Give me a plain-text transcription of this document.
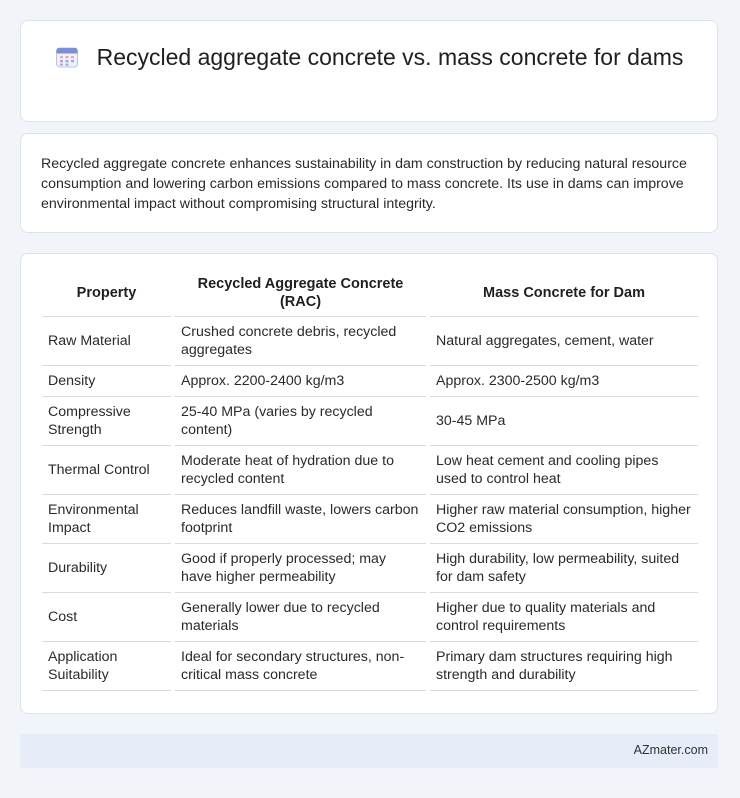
Recycled aggregate concrete vs. mass concrete for dams
Recycled aggregate concrete enhances sustainability in dam construction by reducing natural resource consumption and lowering carbon emissions compared to mass concrete. Its use in dams can improve environmental impact without compromising structural integrity.
Property	Recycled Aggregate Concrete (RAC)	Mass Concrete for Dam
Raw Material	Crushed concrete debris, recycled aggregates	Natural aggregates, cement, water
Density	Approx. 2200-2400 kg/m3	Approx. 2300-2500 kg/m3
Compressive Strength	25-40 MPa (varies by recycled content)	30-45 MPa
Thermal Control	Moderate heat of hydration due to recycled content	Low heat cement and cooling pipes used to control heat
Environmental Impact	Reduces landfill waste, lowers carbon footprint	Higher raw material consumption, higher CO2 emissions
Durability	Good if properly processed; may have higher permeability	High durability, low permeability, suited for dam safety
Cost	Generally lower due to recycled materials	Higher due to quality materials and control requirements
Application Suitability	Ideal for secondary structures, non-critical mass concrete	Primary dam structures requiring high strength and durability
AZmater.com
